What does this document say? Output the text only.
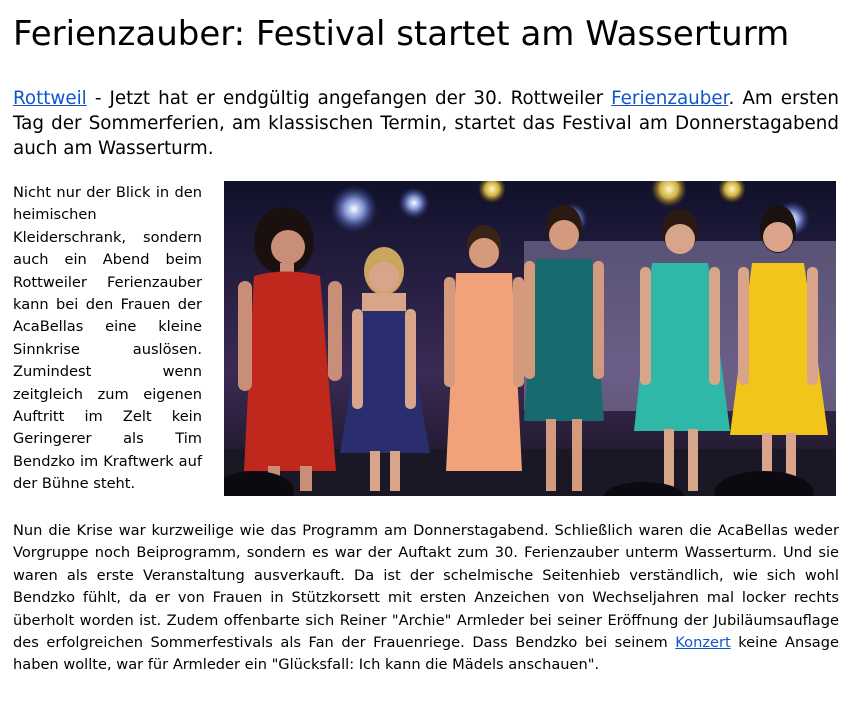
Ferienzauber: Festival startet am Wasserturm

Rottweil - Jetzt hat er endgültig angefangen der 30. Rottweiler Ferienzauber. Am ersten Tag der Sommerferien, am klassischen Termin, startet das Festival am Donnerstagabend auch am Wasserturm.

Nicht nur der Blick in den heimischen Kleiderschrank, sondern auch ein Abend beim Rottweiler Ferienzauber kann bei den Frauen der AcaBellas eine kleine Sinnkrise auslösen. Zumindest wenn zeitgleich zum eigenen Auftritt im Zelt kein Geringerer als Tim Bendzko im Kraftwerk auf der Bühne steht.

Nun die Krise war kurzweilige wie das Programm am Donnerstagabend. Schließlich waren die AcaBellas weder Vorgruppe noch Beiprogramm, sondern es war der Auftakt zum 30. Ferienzauber unterm Wasserturm. Und sie waren als erste Veranstaltung ausverkauft. Da ist der schelmische Seitenhieb verständlich, wie sich wohl Bendzko fühlt, da er von Frauen in Stützkorsett mit ersten Anzeichen von Wechseljahren mal locker rechts überholt worden ist. Zudem offenbarte sich Reiner "Archie" Armleder bei seiner Eröffnung der Jubiläumsauflage des erfolgreichen Sommerfestivals als Fan der Frauenriege. Dass Bendzko bei seinem Konzert keine Ansage haben wollte, war für Armleder ein "Glücksfall: Ich kann die Mädels anschauen".
